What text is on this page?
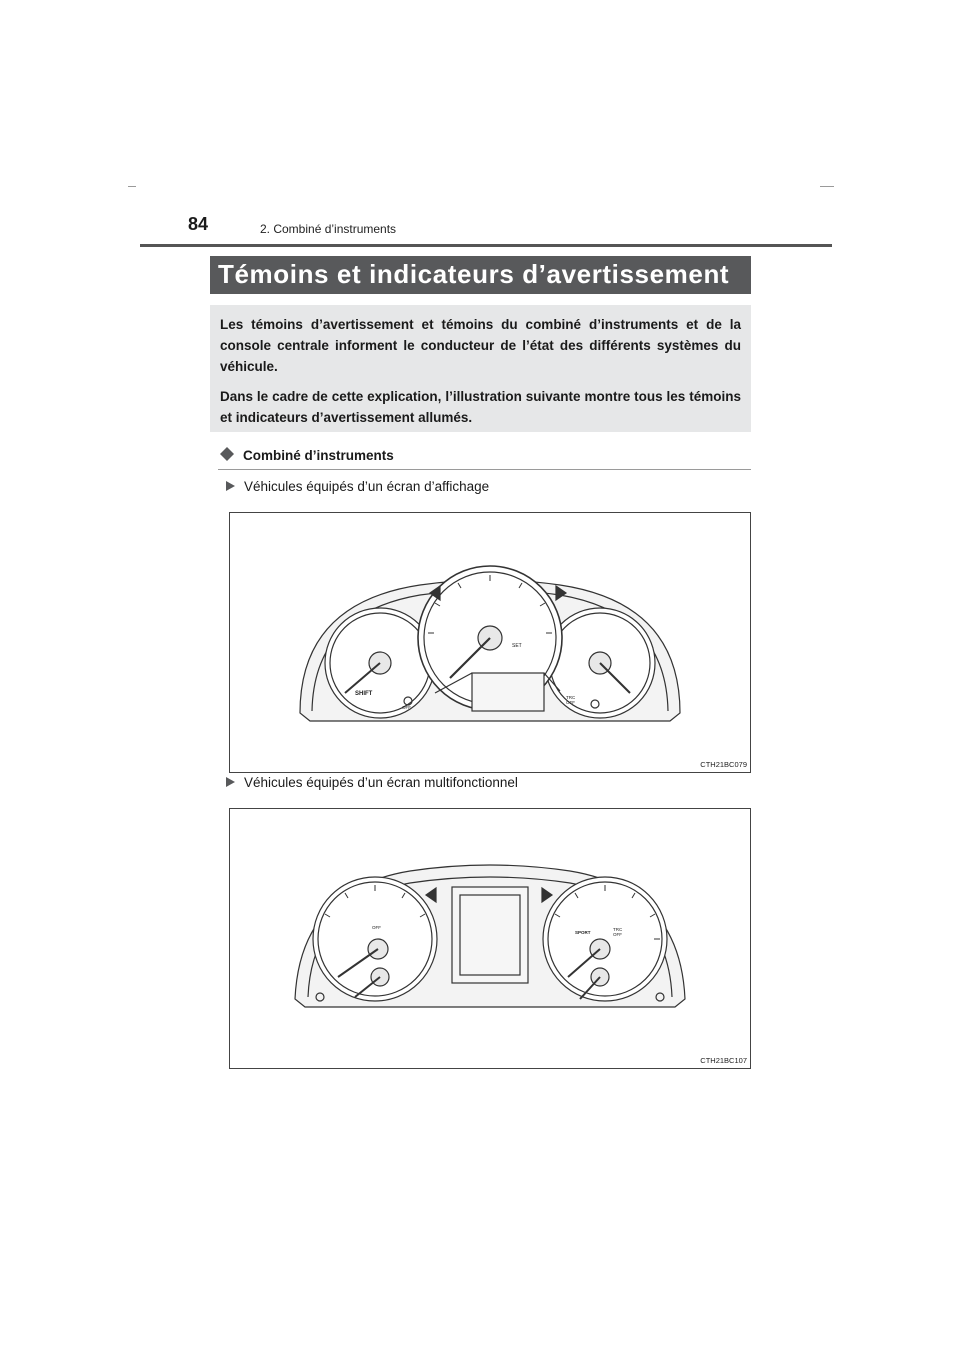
84	2. Combiné d’instruments
Témoins et indicateurs d’avertissement

Les témoins d’avertissement et témoins du combiné d’instruments et de la console centrale informent le conducteur de l’état des différents systèmes du véhicule.

Dans le cadre de cette explication, l’illustration suivante montre tous les témoins et indicateurs d’avertissement allumés.

Combiné d’instruments
Véhicules équipés d’un écran d’affichage
SHIFT
SET
TRC
OFF
OFF
CTH21BC079
Véhicules équipés d’un écran multifonctionnel
SPORT
TRC
OFF
OFF
CTH21BC107
